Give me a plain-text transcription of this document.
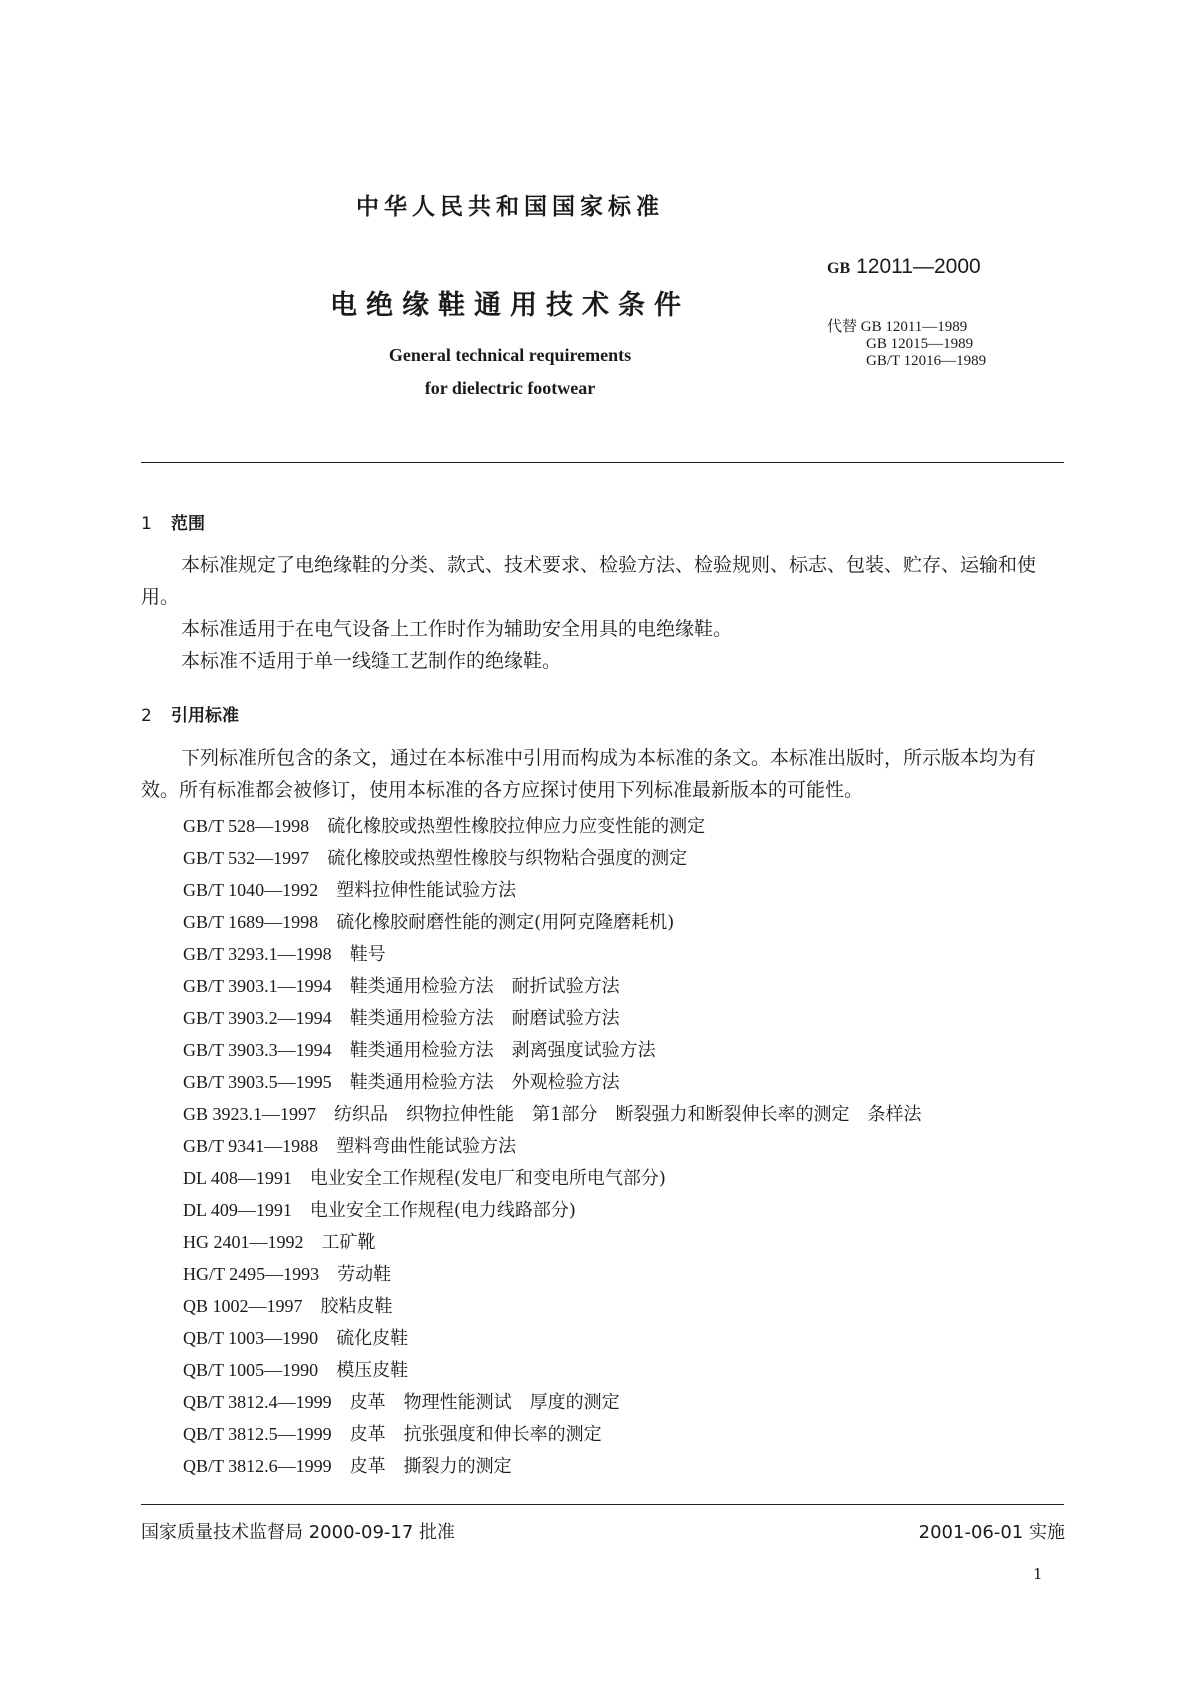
中华人民共和国国家标准
GB 12011—2000
电绝缘鞋通用技术条件
代替 GB 12011—1989
GB 12015—1989
GB/T 12016—1989
General technical requirements
for dielectric footwear
1 范围
本标准规定了电绝缘鞋的分类、款式、技术要求、检验方法、检验规则、标志、包装、贮存、运输和使用。
本标准适用于在电气设备上工作时作为辅助安全用具的电绝缘鞋。
本标准不适用于单一线缝工艺制作的绝缘鞋。
2 引用标准
下列标准所包含的条文，通过在本标准中引用而构成为本标准的条文。本标准出版时，所示版本均为有效。所有标准都会被修订，使用本标准的各方应探讨使用下列标准最新版本的可能性。
GB/T 528—1998 硫化橡胶或热塑性橡胶拉伸应力应变性能的测定
GB/T 532—1997 硫化橡胶或热塑性橡胶与织物粘合强度的测定
GB/T 1040—1992 塑料拉伸性能试验方法
GB/T 1689—1998 硫化橡胶耐磨性能的测定(用阿克隆磨耗机)
GB/T 3293.1—1998 鞋号
GB/T 3903.1—1994 鞋类通用检验方法　耐折试验方法
GB/T 3903.2—1994 鞋类通用检验方法　耐磨试验方法
GB/T 3903.3—1994 鞋类通用检验方法　剥离强度试验方法
GB/T 3903.5—1995 鞋类通用检验方法　外观检验方法
GB 3923.1—1997 纺织品　织物拉伸性能　第1部分　断裂强力和断裂伸长率的测定　条样法
GB/T 9341—1988 塑料弯曲性能试验方法
DL 408—1991 电业安全工作规程(发电厂和变电所电气部分)
DL 409—1991 电业安全工作规程(电力线路部分)
HG 2401—1992 工矿靴
HG/T 2495—1993 劳动鞋
QB 1002—1997 胶粘皮鞋
QB/T 1003—1990 硫化皮鞋
QB/T 1005—1990 模压皮鞋
QB/T 3812.4—1999 皮革　物理性能测试　厚度的测定
QB/T 3812.5—1999 皮革　抗张强度和伸长率的测定
QB/T 3812.6—1999 皮革　撕裂力的测定
国家质量技术监督局 2000-09-17 批准	2001-06-01 实施
1
